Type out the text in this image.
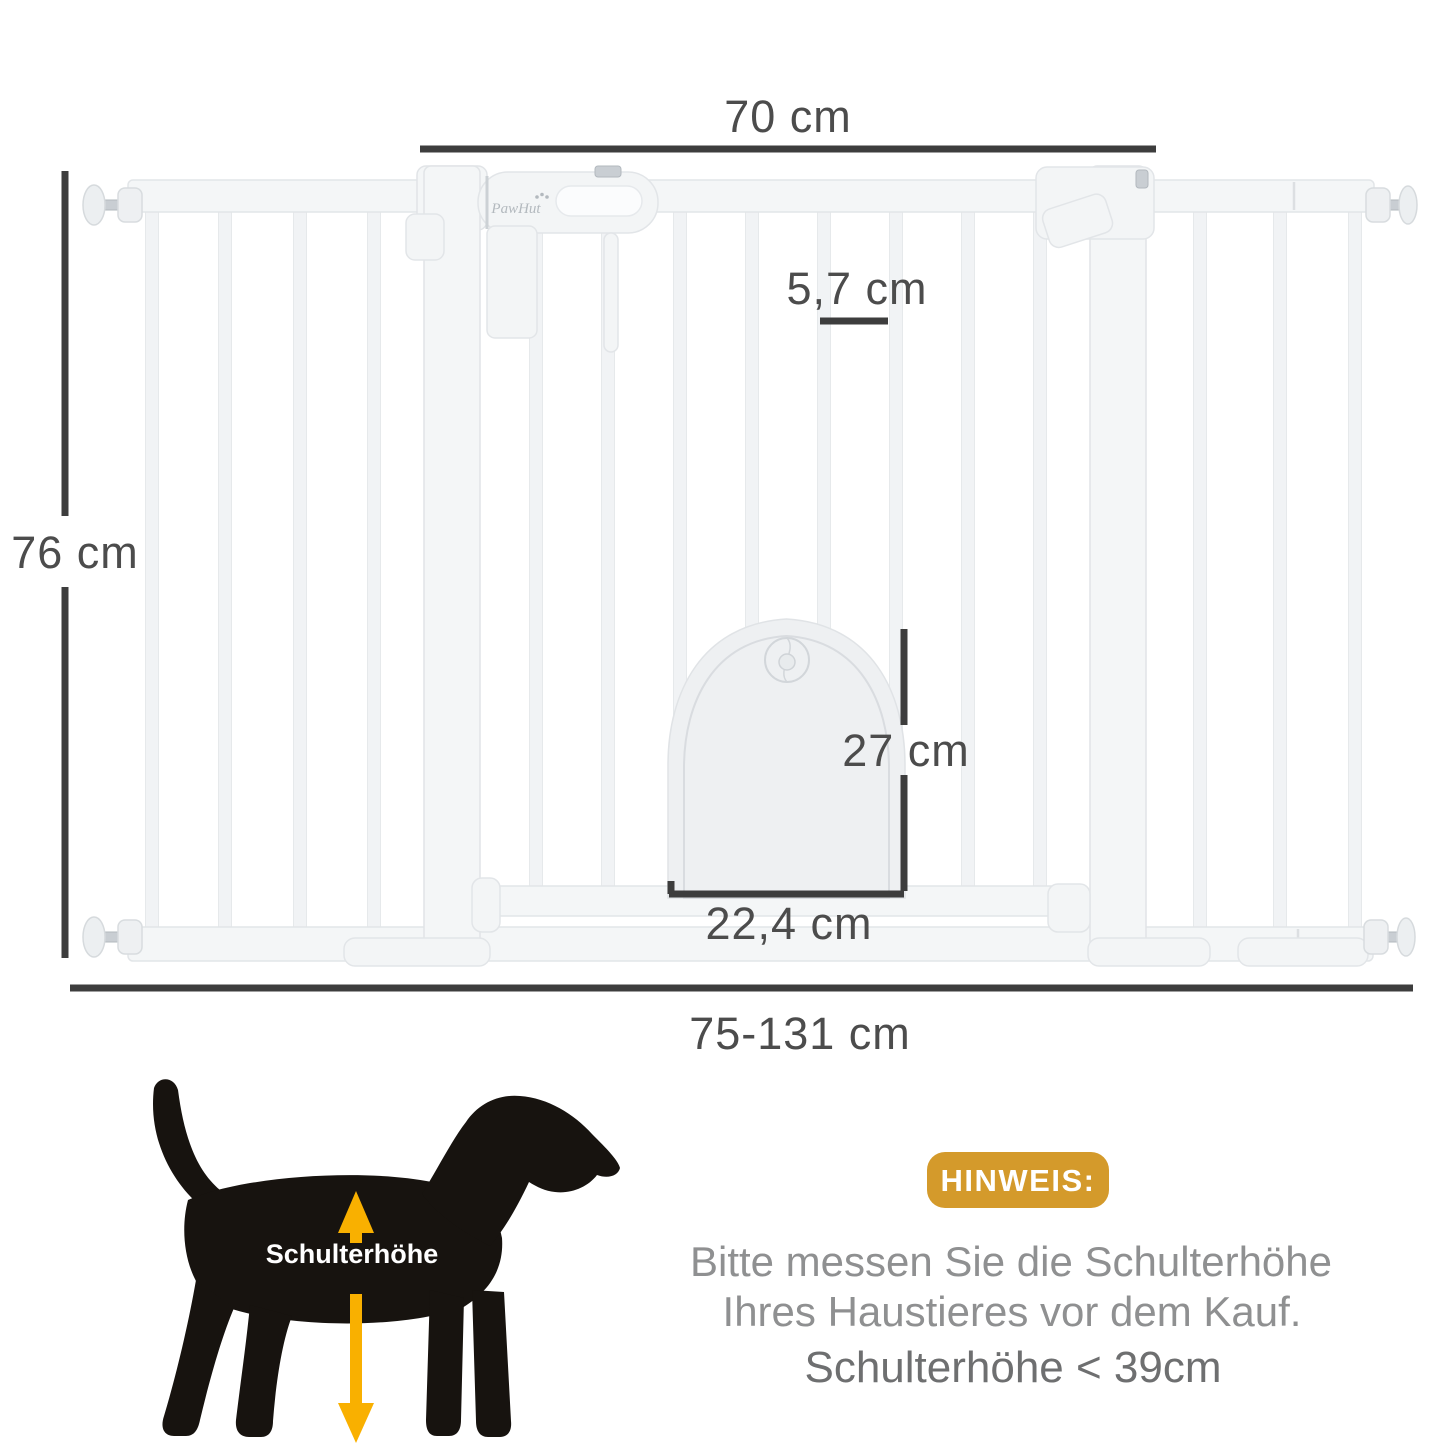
PawHut
70 cm
5,7 cm
76 cm
27 cm
22,4 cm
75-131 cm
Schulterhöhe
HINWEIS:
Bitte messen Sie die Schulterhöhe
Ihres Haustieres vor dem Kauf.
Schulterhöhe < 39cm
